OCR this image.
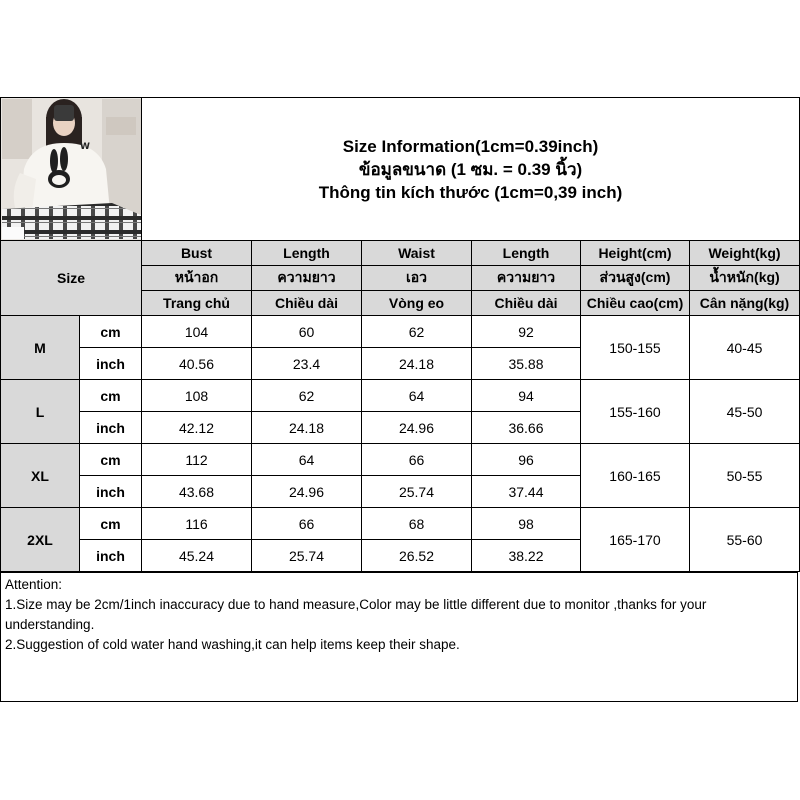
W		Size Information(1cm=0.39inch)
ข้อมูลขนาด (1 ซม. = 0.39 นิ้ว)
Thông tin kích thước (1cm=0,39 inch)					

Size		Bust	Length	Waist	Length	Height(cm)	Weight(kg)
		หน้าอก	ความยาว	เอว	ความยาว	ส่วนสูง(cm)	น้ำหนัก(kg)
		Trang chủ	Chiều dài	Vòng eo	Chiều dài	Chiều cao(cm)	Cân nặng(kg)
M	cm	104	60	62	92	150-155	40-45
	inch	40.56	23.4	24.18	35.88		
L	cm	108	62	64	94	155-160	45-50
	inch	42.12	24.18	24.96	36.66		
XL	cm	112	64	66	96	160-165	50-55
	inch	43.68	24.96	25.74	37.44		
2XL	cm	116	66	68	98	165-170	55-60
	inch	45.24	25.74	26.52	38.22		
Attention:
1.Size may be 2cm/1inch inaccuracy due to hand measure,Color may be little different due to monitor ,thanks for your understanding.
2.Suggestion of cold water hand washing,it can help items keep their shape.
